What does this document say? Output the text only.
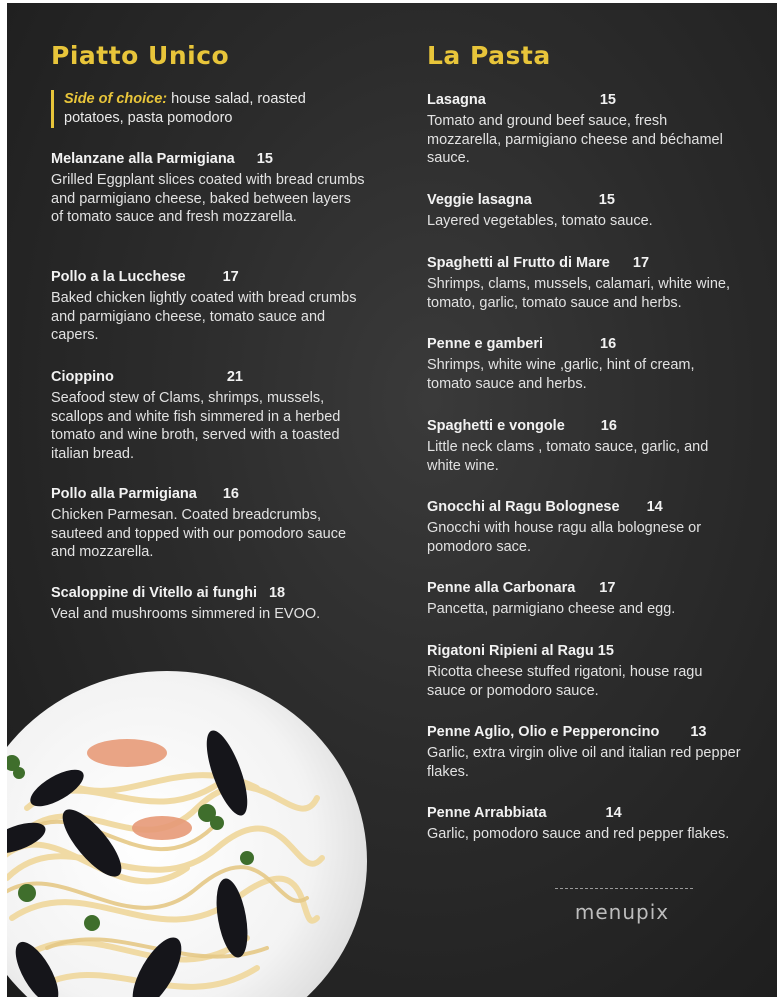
Piatto Unico
Side of choice: house salad, roasted potatoes, pasta pomodoro
Melanzane alla Parmigiana 15
Grilled Eggplant slices coated with bread crumbs and parmigiano cheese, baked between layers of tomato sauce and fresh mozzarella.
Pollo a la Lucchese	17
Baked chicken lightly coated with bread crumbs and parmigiano cheese, tomato sauce and capers.
Cioppino	21
Seafood stew of Clams, shrimps, mussels, scallops and white fish simmered in a herbed tomato and wine broth, served with a toasted italian bread.
Pollo alla Parmigiana 16
Chicken Parmesan. Coated breadcrumbs, sauteed and topped with our pomodoro sauce and mozzarella.
Scaloppine di Vitello ai funghi 18
Veal and mushrooms simmered in EVOO.
La Pasta
Lasagna	15
Tomato and ground beef sauce, fresh mozzarella, parmigiano cheese and béchamel sauce.
Veggie lasagna	15
Layered vegetables, tomato sauce.
Spaghetti al Frutto di Mare 17
Shrimps, clams, mussels, calamari, white wine, tomato, garlic, tomato sauce and herbs.
Penne e gamberi	16
Shrimps, white wine ,garlic, hint of cream, tomato sauce and herbs.
Spaghetti e vongole 16
Little neck clams , tomato sauce, garlic, and white wine.
Gnocchi al Ragu Bolognese 14
Gnocchi with house ragu alla bolognese or pomodoro sace.
Penne alla Carbonara 17
Pancetta, parmigiano cheese and egg.
Rigatoni Ripieni al Ragu 15
Ricotta cheese stuffed rigatoni, house ragu sauce or pomodoro sauce.
Penne Aglio, Olio e Pepperoncino 13
Garlic, extra virgin olive oil and italian red pepper flakes.
Penne Arrabbiata	14
Garlic, pomodoro sauce and red pepper flakes.
menupix
